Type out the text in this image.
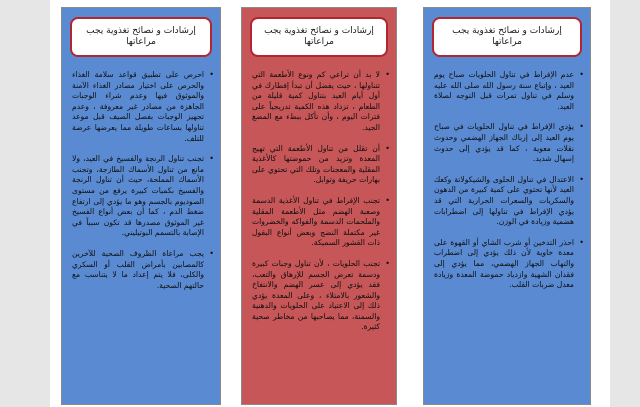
إرشادات و نصائح تغذوية يجب مراعاتها
•
احرص على تطبيق قواعد سلامة الغذاء والحرص على اختيار مصادر الغذاء الآمنة والموثوق فيها وعدم شراء الوجبات الجاهزة من مصادر غير معروفة ، وعدم تجهيز الوجبات بفصل الصيف قبل موعد تناولها بساعات طويلة مما يعرضها عرضة للتلف.
•
تجنب تناول الرنجة والفسيخ في العيد، ولا مانع من تناول الأسماك الطازجة، وتجنب الأسماك المملحة، حيث أن تناول الرنجة والفسيخ بكميات كبيرة يرفع من مستوى الصوديوم بالجسم وهو ما يؤدي إلى ارتفاع ضغط الدم ، كما أن بعض أنواع الفسيخ غير الموثوق مصدرها قد تكون سبباً في الإصابة بالتسمم البوتيليني.
•
يجب مراعاة الظروف الصحية للآخرين كالمصابين بأمراض القلب أو السكري والكلى، فلا يتم إعداد ما لا يتناسب مع حالتهم الصحية.
إرشادات و نصائح تغذوية يجب مراعاتها
•
لا بد أن تراعي كم ونوع الأطعمة التي تتناولها ، حيث يفضل أن تبدأ إفطارك في أول أيام العيد بتناول كمية قليلة من الطعام ، تزداد هذه الكمية تدريجياً على فترات اليوم ، وأن تأكل ببطء مع المضغ الجيد.
•
أن تقلل من تناول الأطعمة التي تهيج المعدة وتزيد من حموضتها كالأغذية المقلية والمعجنات وتلك التي تحتوي على بهارات حريفة وتوابل.
•
تجنب الإفراط في تناول الأغذية الدسمة وصعبة الهضم مثل الأطعمة المقلية والملحمات الدسمة والفواكه والخضروات غير مكتملة النضج وبعض أنواع البقول ذات القشور السميكة.
•
تجنب الحلويات ، لأن تناول وجبات كبيرة ودسمة تعرض الجسم للإرهاق والتعب، فقد يؤدي إلى عسر الهضم والانتفاخ والشعور بالامتلاء ، وعلى المعدة يؤدي ذلك إلى الاعتياد على الحلويات والدهنية والسمنة، مما يصاحبها من مخاطر صحية كثيرة.
إرشادات و نصائح تغذوية يجب مراعاتها
•
عدم الإفراط في تناول الحلويات صباح يوم العيد ، وإتباع سنة رسول الله صلى الله عليه وسلم في تناول تمرات قبل التوجه لصلاة العيد.
•
يؤدي الإفراط في تناول الحلويات في صباح يوم العيد إلى إرباك الجهاز الهضمي وحدوث نقلات معوية ، كما قد يؤدي إلى حدوث إسهال شديد.
•
الاعتدال في تناول الحلوى والشيكولاتة وكعك العيد لأنها تحتوي على كمية كبيرة من الدهون والسكريات والسعرات الحرارية التي قد يؤدي الإفراط في تناولها إلى اضطرابات هضمية وزيادة في الوزن.
•
احذر التدخين أو شرب الشاي أو القهوة على معدة خاوية لأن ذلك يؤدي إلى اضطراب والتهاب الجهاز الهضمي، مما يؤدي إلى فقدان الشهية وازدياد حموضة المعدة وزيادة معدل ضربات القلب.
